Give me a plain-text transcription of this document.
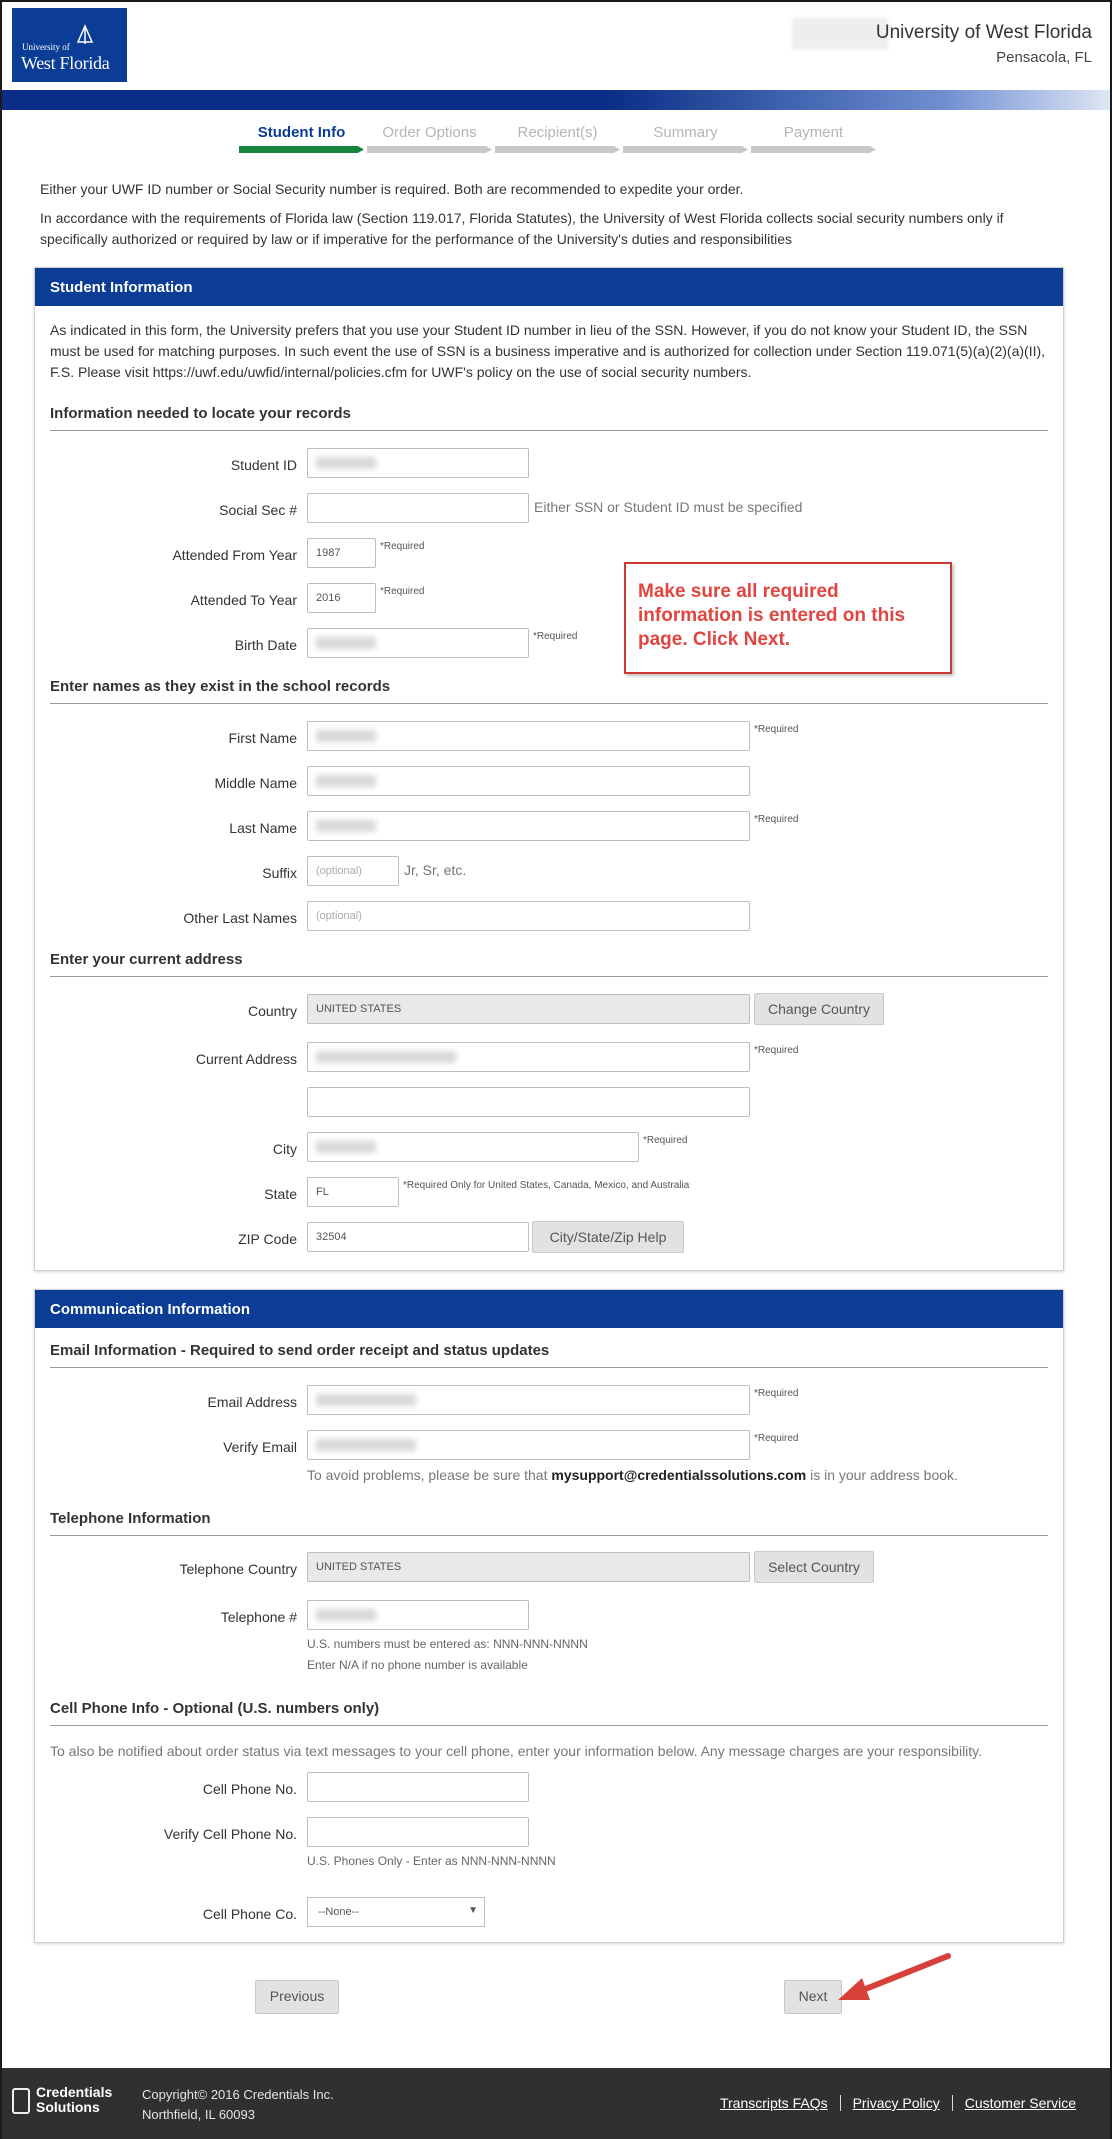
University of
West Florida
University of West Florida
Pensacola, FL
Student Info	Order Options	Recipient(s)	Summary	Payment
Either your UWF ID number or Social Security number is required. Both are recommended to expedite your order.
In accordance with the requirements of Florida law (Section 119.017, Florida Statutes), the University of West Florida collects social security numbers only if specifically authorized or required by law or if imperative for the performance of the University's duties and responsibilities
Student Information
As indicated in this form, the University prefers that you use your Student ID number in lieu of the SSN. However, if you do not know your Student ID, the SSN must be used for matching purposes. In such event the use of SSN is a business imperative and is authorized for collection under Section 119.071(5)(a)(2)(a)(II), F.S. Please visit https://uwf.edu/uwfid/internal/policies.cfm for UWF's policy on the use of social security numbers.
Information needed to locate your records
Student ID
Social Sec #	Either SSN or Student ID must be specified
Attended From Year	1987
*Required
Attended To Year	2016
*Required
Birth Date
*Required
Enter names as they exist in the school records
First Name
*Required
Middle Name
Last Name
*Required
Suffix	(optional)	Jr, Sr, etc.
Other Last Names	(optional)
Enter your current address
Country	UNITED STATES	Change Country
Current Address
*Required
City
*Required
State	FL
*Required Only for United States, Canada, Mexico, and Australia
ZIP Code	32504	City/State/Zip Help
Make sure all required information is entered on this page. Click Next.
Communication Information
Email Information - Required to send order receipt and status updates
Email Address
*Required
Verify Email
*Required
To avoid problems, please be sure that mysupport@credentialssolutions.com is in your address book.
Telephone Information
Telephone Country	UNITED STATES	Select Country
Telephone #
U.S. numbers must be entered as: NNN-NNN-NNNN
Enter N/A if no phone number is available
Cell Phone Info - Optional (U.S. numbers only)
To also be notified about order status via text messages to your cell phone, enter your information below. Any message charges are your responsibility.
Cell Phone No.
Verify Cell Phone No.
U.S. Phones Only - Enter as NNN-NNN-NNNN
Cell Phone Co.	--None--	▼
Previous	Next
Credentials
Solutions
Copyright© 2016 Credentials Inc.
Northfield, IL 60093
Transcripts FAQs	Privacy Policy	Customer Service
